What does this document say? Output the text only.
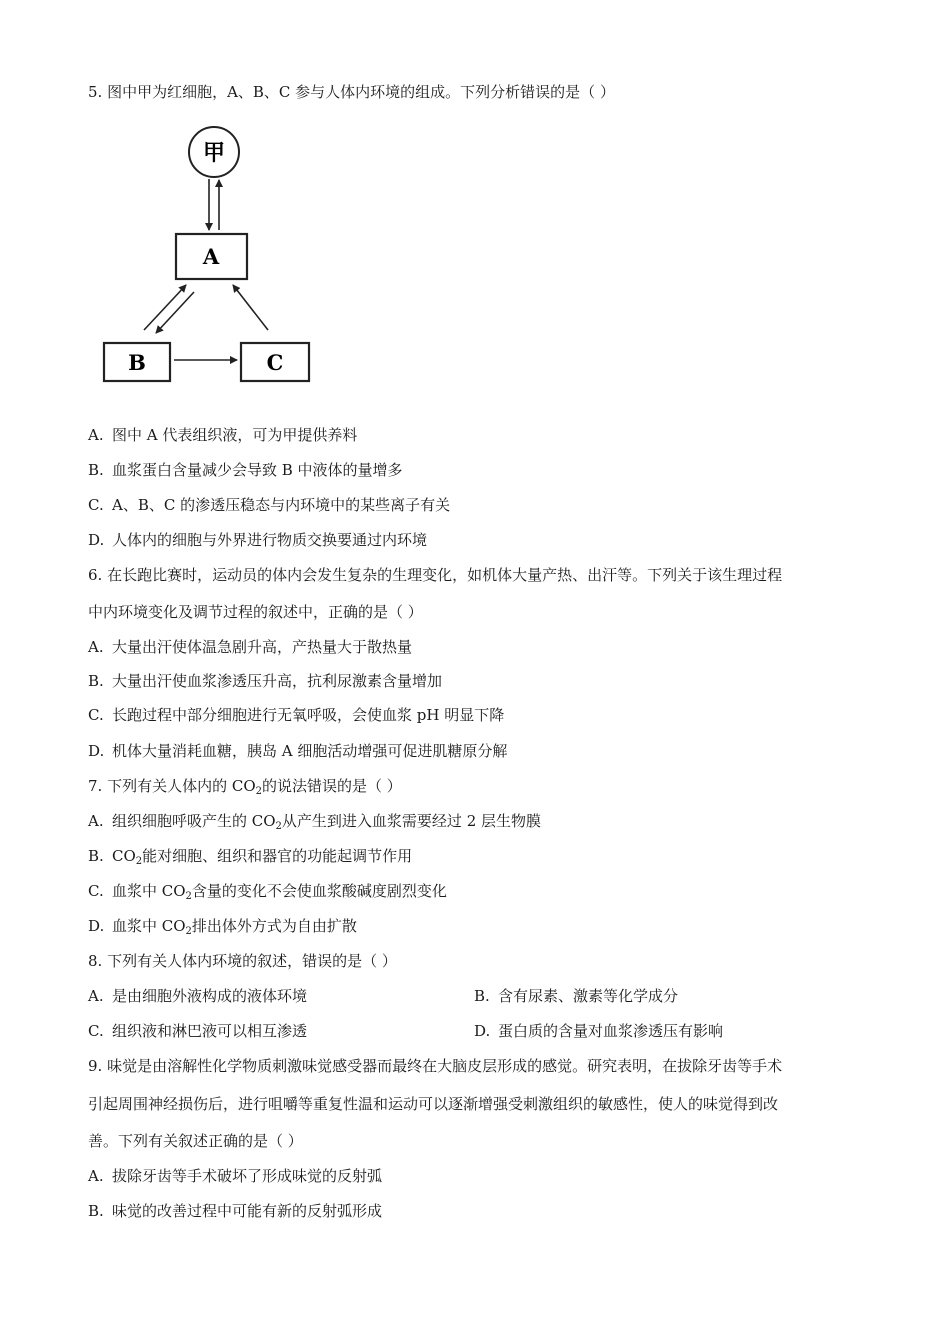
5. 图中甲为红细胞，A、B、C 参与人体内环境的组成。下列分析错误的是（ ）
甲
A
B	C
A. 图中 A 代表组织液，可为甲提供养料
B. 血浆蛋白含量减少会导致 B 中液体的量增多
C. A、B、C 的渗透压稳态与内环境中的某些离子有关
D. 人体内的细胞与外界进行物质交换要通过内环境
6. 在长跑比赛时，运动员的体内会发生复杂的生理变化，如机体大量产热、出汗等。下列关于该生理过程
中内环境变化及调节过程的叙述中，正确的是（ ）
A. 大量出汗使体温急剧升高，产热量大于散热量
B. 大量出汗使血浆渗透压升高，抗利尿激素含量增加
C. 长跑过程中部分细胞进行无氧呼吸，会使血浆 pH 明显下降
D. 机体大量消耗血糖，胰岛 A 细胞活动增强可促进肌糖原分解
7. 下列有关人体内的 $CO_2$的说法错误的是（ ）
A. 组织细胞呼吸产生的 $CO_2$从产生到进入血浆需要经过 2 层生物膜
B. $CO_2$能对细胞、组织和器官的功能起调节作用
C. 血浆中 $CO_2$含量的变化不会使血浆酸碱度剧烈变化
D. 血浆中 $CO_2$排出体外方式为自由扩散
8. 下列有关人体内环境的叙述，错误的是（ ）
A. 是由细胞外液构成的液体环境	B. 含有尿素、激素等化学成分
C. 组织液和淋巴液可以相互渗透	D. 蛋白质的含量对血浆渗透压有影响
9. 味觉是由溶解性化学物质刺激味觉感受器而最终在大脑皮层形成的感觉。研究表明，在拔除牙齿等手术
引起周围神经损伤后，进行咀嚼等重复性温和运动可以逐渐增强受刺激组织的敏感性，使人的味觉得到改
善。下列有关叙述正确的是（ ）
A. 拔除牙齿等手术破坏了形成味觉的反射弧
B. 味觉的改善过程中可能有新的反射弧形成
